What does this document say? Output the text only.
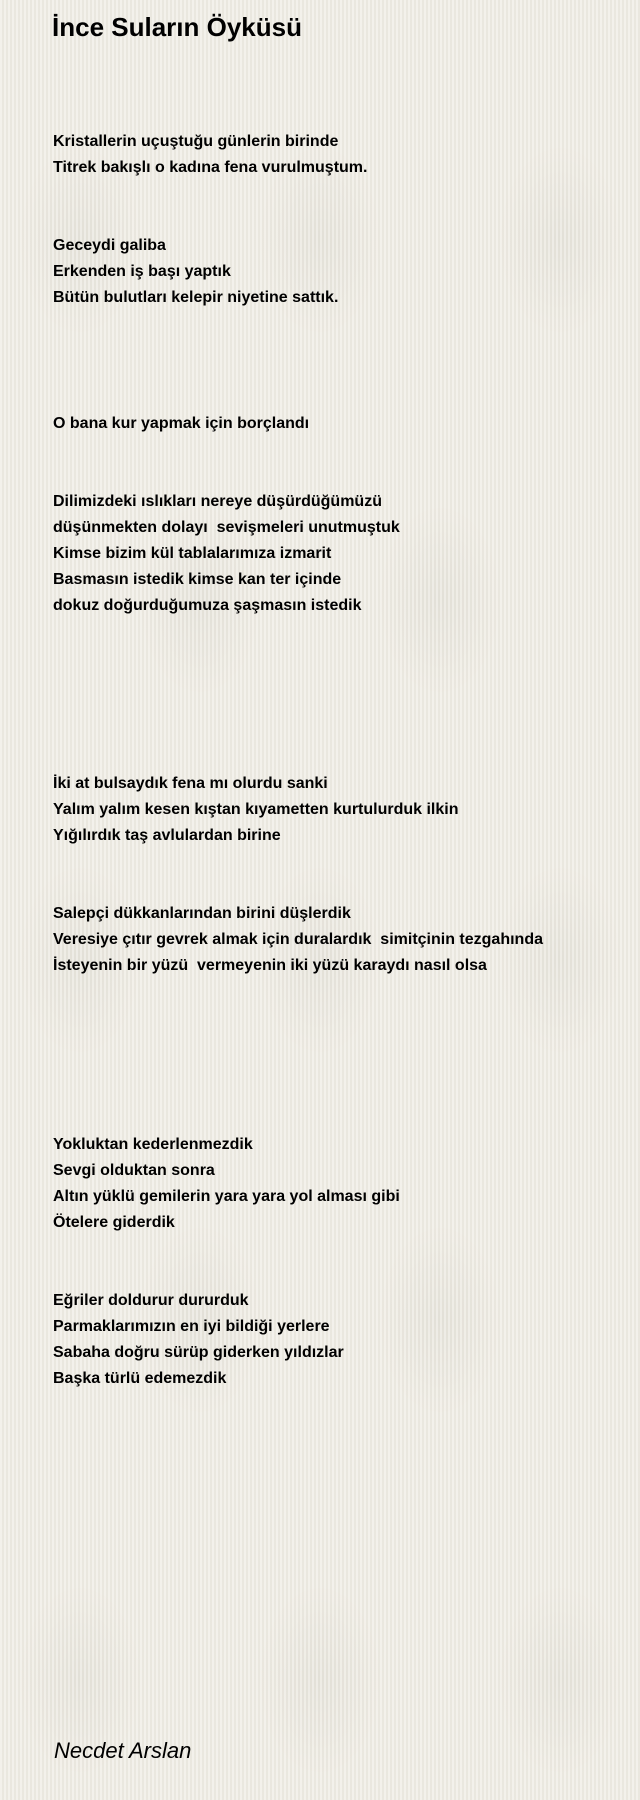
İnce Suların Öyküsü
Kristallerin uçuştuğu günlerin birinde
Titrek bakışlı o kadına fena vurulmuştum.
Geceydi galiba
Erkenden iş başı yaptık
Bütün bulutları kelepir niyetine sattık.
O bana kur yapmak için borçlandı
Dilimizdeki ıslıkları nereye düşürdüğümüzü
düşünmekten dolayı  sevişmeleri unutmuştuk
Kimse bizim kül tablalarımıza izmarit
Basmasın istedik kimse kan ter içinde
dokuz doğurduğumuza şaşmasın istedik
İki at bulsaydık fena mı olurdu sanki
Yalım yalım kesen kıştan kıyametten kurtulurduk ilkin
Yığılırdık taş avlulardan birine
Salepçi dükkanlarından birini düşlerdik
Veresiye çıtır gevrek almak için duralardık  simitçinin tezgahında
İsteyenin bir yüzü  vermeyenin iki yüzü karaydı nasıl olsa
Yokluktan kederlenmezdik
Sevgi olduktan sonra
Altın yüklü gemilerin yara yara yol alması gibi
Ötelere giderdik
Eğriler doldurur dururduk
Parmaklarımızın en iyi bildiği yerlere
Sabaha doğru sürüp giderken yıldızlar
Başka türlü edemezdik

Necdet Arslan
